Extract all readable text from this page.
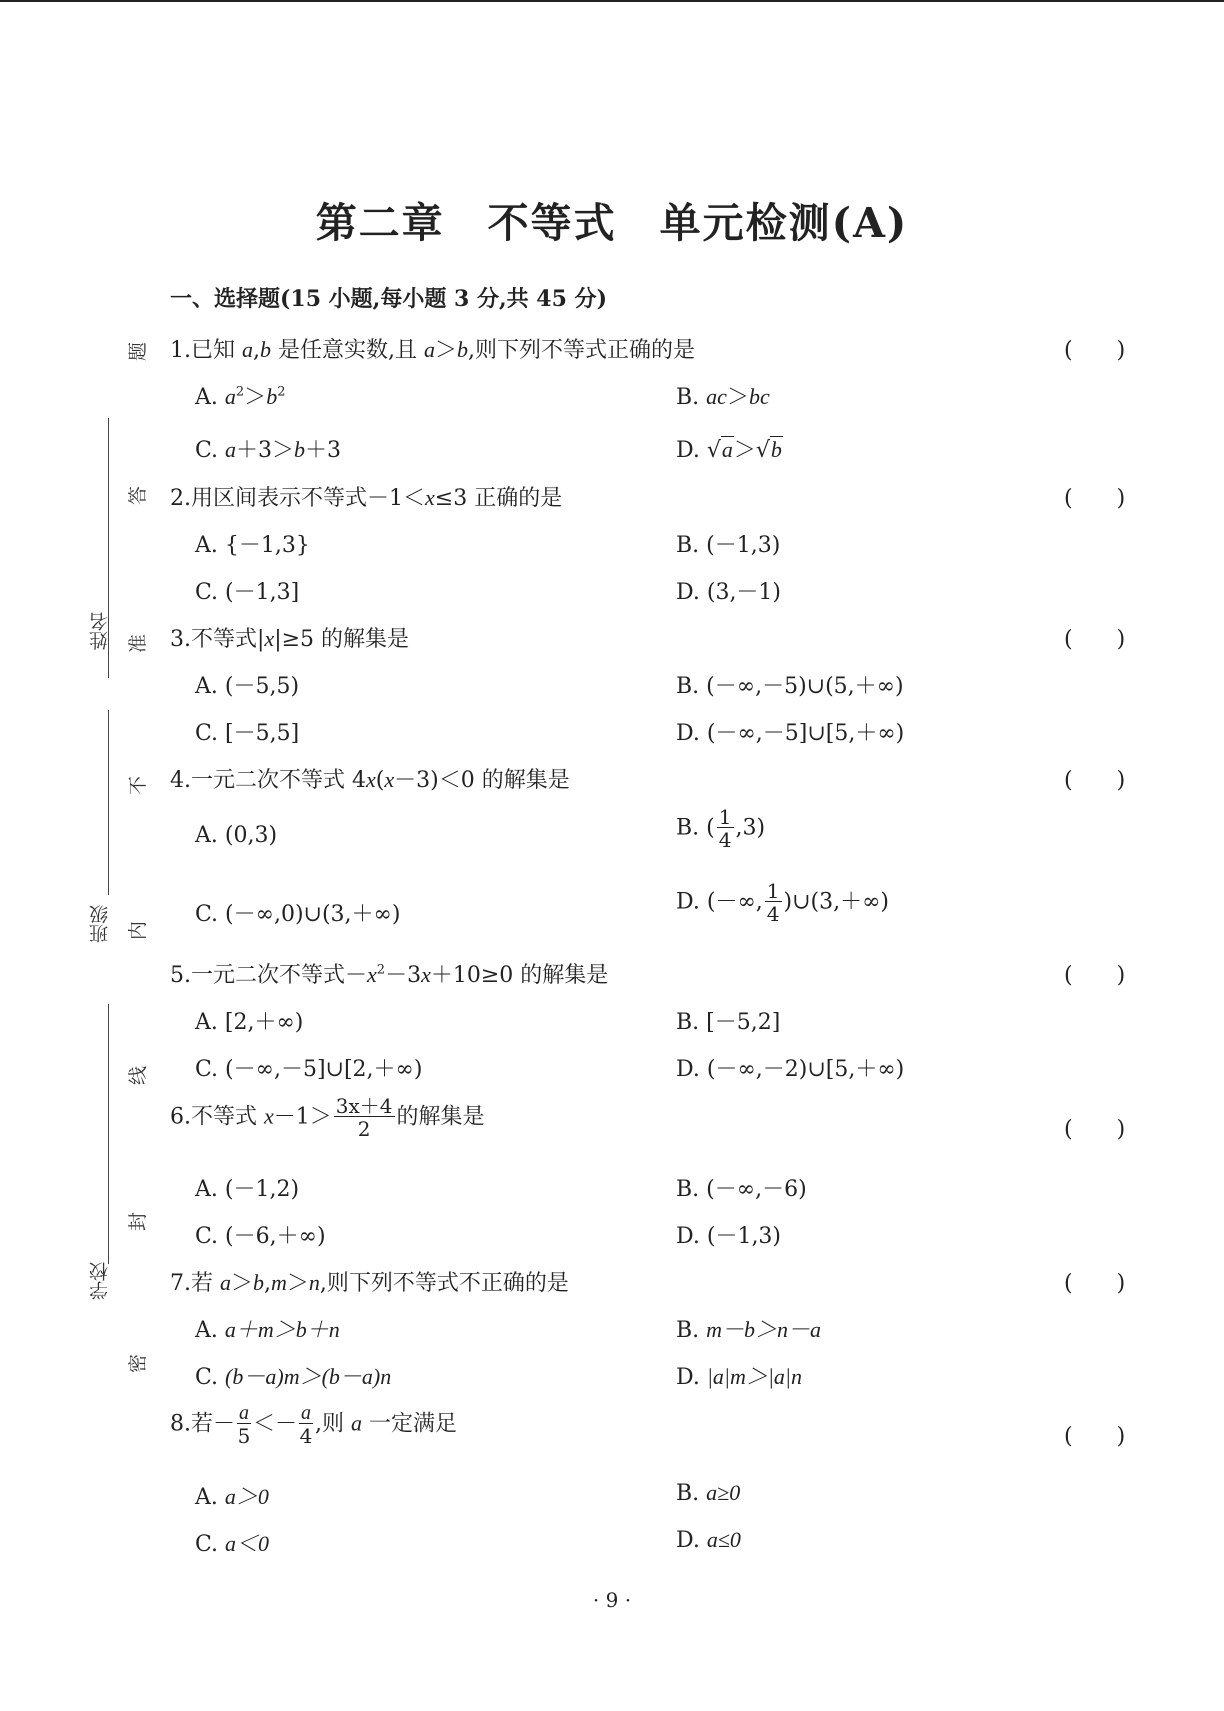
姓名
班级
学校
题
答
准
不
内
线
封
密
第二章　不等式　单元检测(A)
一、选择题(15 小题,每小题 3 分,共 45 分)
1.已知 a,b 是任意实数,且 a＞b,则下列不等式正确的是	(　　)
A. $a^2>b^2$	B. ac＞bc
C. a＋3＞b＋3	D. √a＞√b
2.用区间表示不等式－1＜x≤3 正确的是	(　　)
A. {－1,3}	B. (－1,3)
C. (－1,3]	D. (3,－1)
3.不等式|x|≥5 的解集是	(　　)
A. (－5,5)	B. (－∞,－5)∪(5,＋∞)
C. [－5,5]	D. (－∞,－5]∪[5,＋∞)
4.一元二次不等式 4x(x－3)＜0 的解集是	(　　)
A. (0,3)	B. ( $\frac{1}{4} ,3$)
C. (－∞,0)∪(3,＋∞)	D. (－∞, $\frac{1}{4}$ )∪(3,＋∞)
5.一元二次不等式$-x^2-3x+10\ge 0$ 的解集是	(　　)
A. [2,＋∞)	B. [－5,2]
C. (－∞,－5]∪[2,＋∞)	D. (－∞,－2)∪[5,＋∞)
6.不等式 $x-1> \frac{3x+4}{2}$ 的解集是	(　　)
A. (－1,2)	B. (－∞,－6)
C. (－6,＋∞)	D. (－1,3)
7.若 a＞b,m＞n,则下列不等式不正确的是	(　　)
A. a＋m＞b＋n	B. m－b＞n－a
C. (b－a)m＞(b－a)n	D. |a|m＞|a|n
8.若－ $\frac{a}{5} <- \frac{a}{4}$ ,则 a 一定满足	(　　)
A. a＞0	B. a≥0
C. a＜0	D. a≤0
· 9 ·
